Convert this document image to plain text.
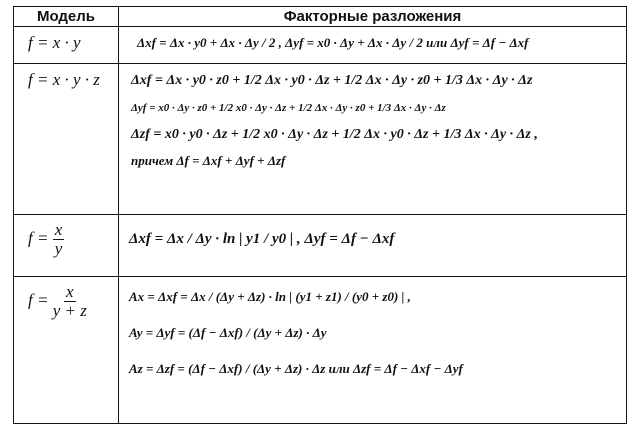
Модель	Факторные разложения
f = x · y	Δxf = Δx · y0 + Δx · Δy / 2 , Δyf = x0 · Δy + Δx · Δy / 2 или Δyf = Δf − Δxf

f = x · y · z	Δxf = Δx · y0 · z0 + 1/2 Δx · y0 · Δz + 1/2 Δx · Δy · z0 + 1/3 Δx · Δy · Δz
Δyf = x0 · Δy · z0 + 1/2 x0 · Δy · Δz + 1/2 Δx · Δy · z0 + 1/3 Δx · Δy · Δz
Δzf = x0 · y0 · Δz + 1/2 x0 · Δy · Δz + 1/2 Δx · y0 · Δz + 1/3 Δx · Δy · Δz ,
причем Δf = Δxf + Δyf + Δzf

$f = \frac{x}{y}$	Δxf = Δx / Δy · ln | y1 / y0 | , Δyf = Δf − Δxf

$f = \frac{x}{y + z}$	Ax = Δxf = Δx / (Δy + Δz) · ln | (y1 + z1) / (y0 + z0) | ,
Ay = Δyf = (Δf − Δxf) / (Δy + Δz) · Δy
Az = Δzf = (Δf − Δxf) / (Δy + Δz) · Δz или Δzf = Δf − Δxf − Δyf
